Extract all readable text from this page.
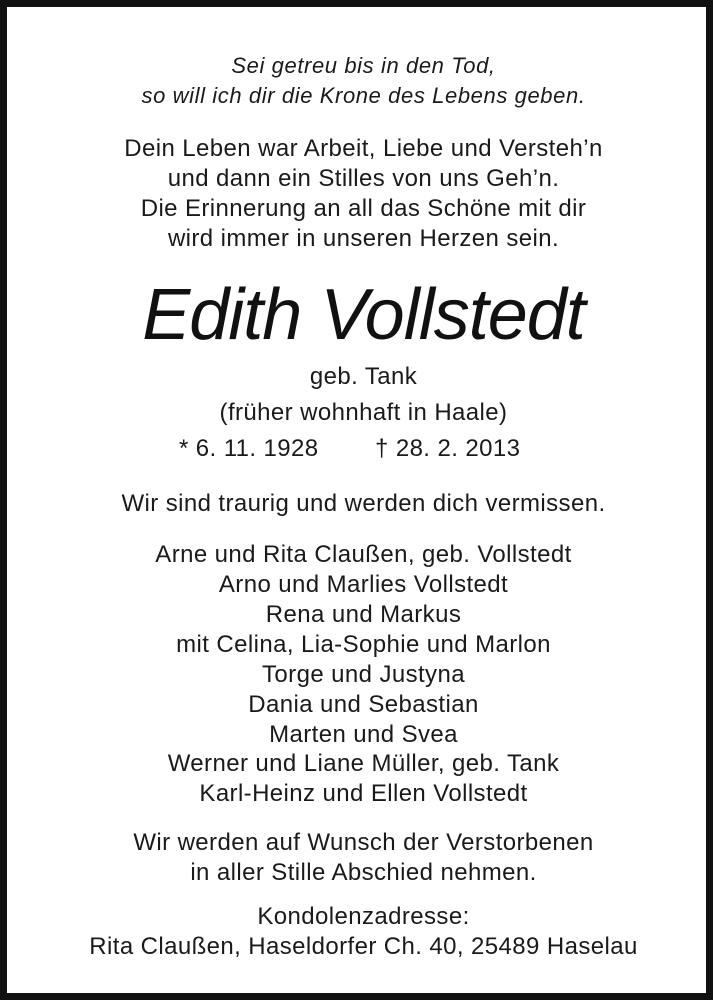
Sei getreu bis in den Tod,
so will ich dir die Krone des Lebens geben.
Dein Leben war Arbeit, Liebe und Versteh’n
und dann ein Stilles von uns Geh’n.
Die Erinnerung an all das Schöne mit dir
wird immer in unseren Herzen sein.
Edith Vollstedt
geb. Tank
(früher wohnhaft in Haale)
* 6. 11. 1928 † 28. 2. 2013
Wir sind traurig und werden dich vermissen.
Arne und Rita Claußen, geb. Vollstedt
Arno und Marlies Vollstedt
Rena und Markus
mit Celina, Lia-Sophie und Marlon
Torge und Justyna
Dania und Sebastian
Marten und Svea
Werner und Liane Müller, geb. Tank
Karl-Heinz und Ellen Vollstedt
Wir werden auf Wunsch der Verstorbenen
in aller Stille Abschied nehmen.
Kondolenzadresse:
Rita Claußen, Haseldorfer Ch. 40, 25489 Haselau
